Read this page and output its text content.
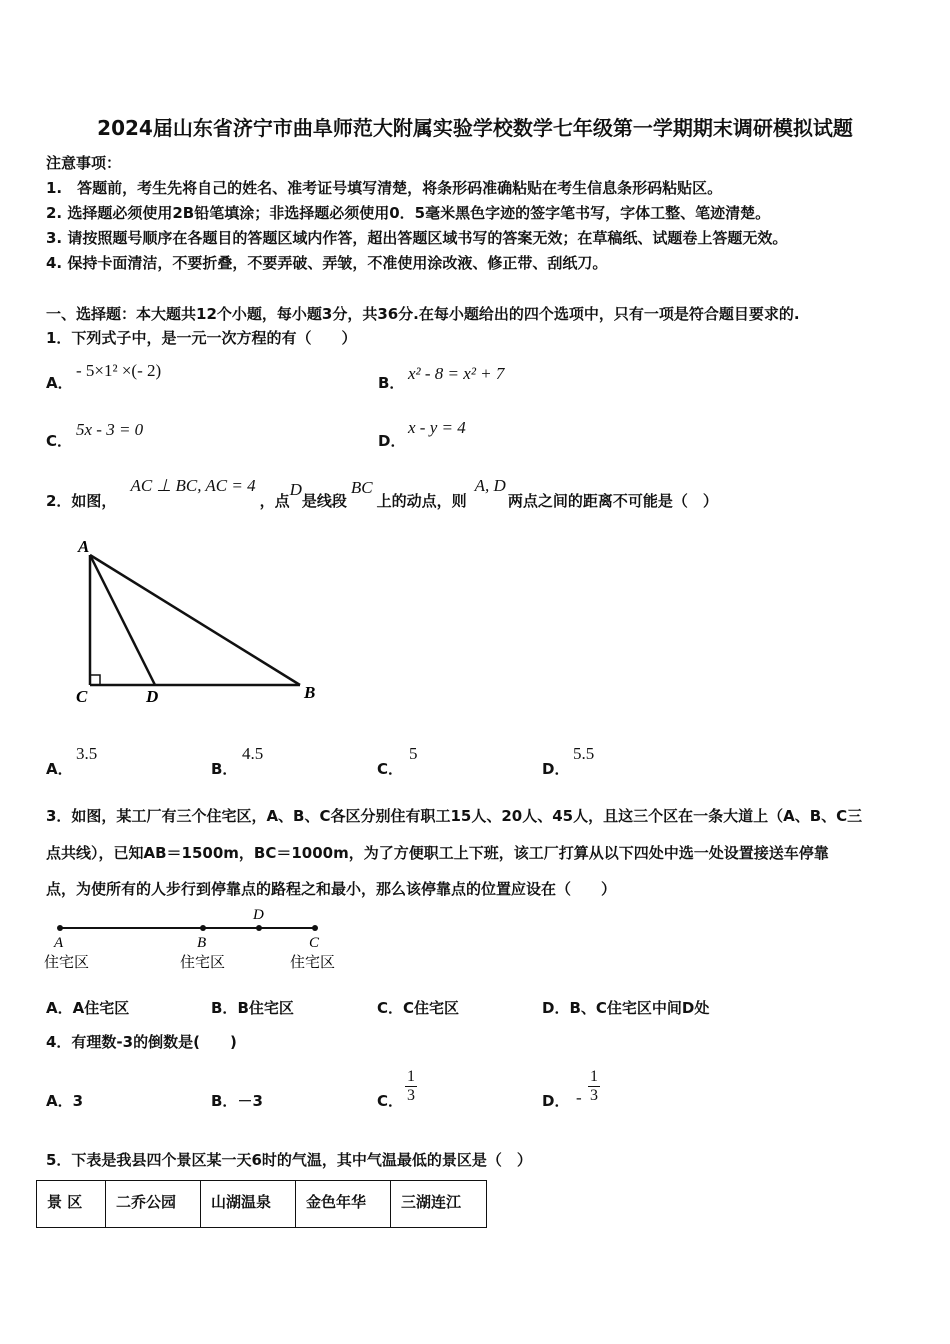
2024届山东省济宁市曲阜师范大附属实验学校数学七年级第一学期期末调研模拟试题
注意事项：
1.　答题前，考生先将自己的姓名、准考证号填写清楚，将条形码准确粘贴在考生信息条形码粘贴区。
2. 选择题必须使用2B铅笔填涂；非选择题必须使用0．5毫米黑色字迹的签字笔书写，字体工整、笔迹清楚。
3. 请按照题号顺序在各题目的答题区域内作答，超出答题区域书写的答案无效；在草稿纸、试题卷上答题无效。
4. 保持卡面清洁，不要折叠，不要弄破、弄皱，不准使用涂改液、修正带、刮纸刀。
一、选择题：本大题共12个小题，每小题3分，共36分.在每小题给出的四个选项中，只有一项是符合题目要求的.
1．下列式子中，是一元一次方程的有（　　）
A．
- 5×1² ×(- 2)
B． x² - 8 = x² + 7
C．
5x - 3 = 0
D．
x - y = 4
2．如图，
AC ⊥ BC, AC = 4
，点
D
是线段
BC
上的动点，则
A, D
两点之间的距离不可能是（　）
A
C	D	B
A．
3.5
B．
4.5
C．
5
D．
5.5
3．如图，某工厂有三个住宅区，A、B、C各区分别住有职工15人、20人、45人，且这三个区在一条大道上（A、B、C三
点共线），已知AB＝1500m，BC＝1000m，为了方便职工上下班，该工厂打算从以下四处中选一处设置接送车停靠
点，为使所有的人步行到停靠点的路程之和最小，那么该停靠点的位置应设在（　　）
D
A	B	C
住宅区	住宅区	住宅区
A．A住宅区	B．B住宅区	C．C住宅区	D．B、C住宅区中间D处
4．有理数-3的倒数是(　　)
A．3	B．－3	C． $\frac{1}{3}$	D． - $\frac{1}{3}$
5．下表是我县四个景区某一天6时的气温，其中气温最低的景区是（　）
景 区	二乔公园	山湖温泉	金色年华	三湖连江
